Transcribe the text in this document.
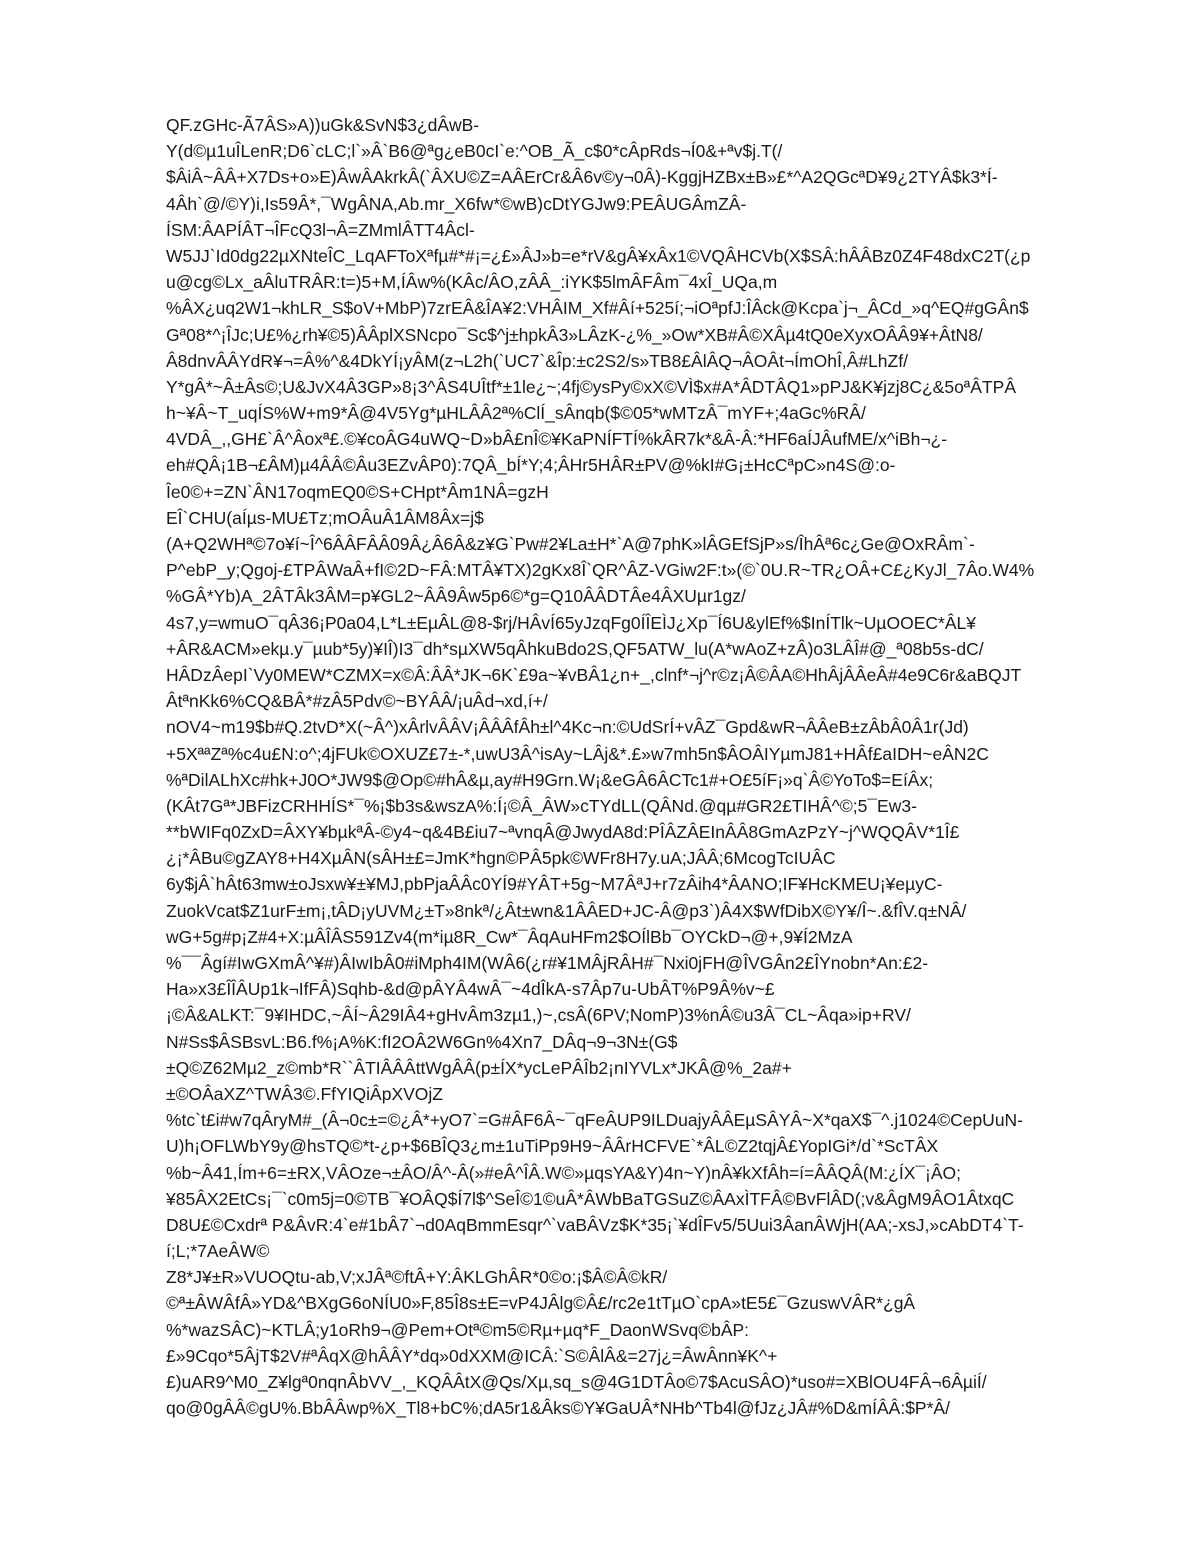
QF.zGHc-Ã7ÂS»A))uGk&SvN$3¿dÂwB-
Y(d©µ1uÎLenR;D6`cLC;l`»Â`B6@ªg¿eB0cI`e:^OB_Ã_c$0*cÂpRds¬Í0&+ªv$j.T(/
$ÂiÂ~ÂÂ+X7Ds+o»E)ÂwÂAkrkÂ(`ÂXU©Z=AÂErCr&Â6v©y¬0Â)-KggjHZBx±B»£*^A2QGcªD¥9¿2TYÂ$k3*Í-
4Âh`@/©Y)i,Is59Â*,¯WgÂNA,Ab.mr_X6fw*©wB)cDtYGJw9:PEÂUGÂmZÂ-
ÍSM:ÂAPÍÂT¬ÎFcQ3l¬Â=ZMmlÂTT4Âcl-
W5JJ`Id0dg22µXNteÎC_LqAFToXªfµ#*#¡=¿£»ÂJ»b=e*rV&gÂ¥xÂx1©VQÂHCVb(X$SÂ:hÂÂBz0Z4F48dxC2T(¿p
u@cg©Lx_aÂluTRÂR:t=)5+M,ÍÂw%(KÂc/ÂO,zÂÂ_:iYK$5lmÂFÂm¯4xÎ_UQa,m
%ÂX¿uq2W1¬khLR_S$oV+MbP)7zrEÂ&ÎA¥2:VHÂIM_Xf#Âí+525í;¬iOªpfJ:ÎÂck@Kcpa`j¬_ÂCd_»q^EQ#gGÂn$
Gª08*^¡ÎJc;U£%¿rh¥©5)ÂÂplXSNcpo¯Sc$^j±hpkÂ3»LÂzK-¿%_»Ow*XB#Â©XÂµ4tQ0eXyxOÂÂ9¥+ÂtN8/
Â8dnvÂÂYdR¥¬=Â%^&4DkYÍ¡yÂM(z¬L2h(`UC7`&Îp:±c2S2/s»TB8£ÂlÂQ¬ÂOÂt¬ÍmOhÎ,Â#LhZf/
Y*gÂ*~Â±Âs©;U&JvX4Â3GP»8¡3^ÂS4UÎtf*±1le¿~;4fj©ysPy©xX©VÌ$x#A*ÂDTÂQ1»pPJ&K¥jzj8C¿&5oªÂTPÂ
h~¥Â~T_uqÍS%W+m9*Â@4V5Yg*µHLÂÂ2ª%ClÍ_sÂnqb($©05*wMTzÂ¯mYF+;4aGc%RÂ/
4VDÂ_,,GH£`Â^Âoxª£.©¥coÂG4uWQ~D»bÂ£nÎ©¥KaPNÍFTÍ%kÂR7k*&Â-Â:*HF6aÍJÂufME/x^iBh¬¿-
eh#QÂ¡1B¬£ÂM)µ4ÂÂ©Âu3EZvÂP0):7QÂ_bÍ*Y;4;ÂHr5HÂR±PV@%kI#G¡±HcCªpC»n4S@:o-
Îe0©+=ZN`ÂN17oqmEQ0©S+CHpt*Âm1NÂ=gzH
EÎ`CHU(aÍµs-MU£Tz;mOÂuÂ1ÂM8Âx=j$
(A+Q2WHª©7o¥í~Î^6ÂÂFÂÂ09Â¿Â6Â&z¥G`Pw#2¥La±H*`A@7phK»lÂGEfSjP»s/ÎhÂª6c¿Ge@OxRÂm`-
P^ebP_y;Qgoj-£TPÂWaÂ+fI©2D~FÂ:MTÂ¥TX)2gKx8Î`QR^ÂZ-VGiw2F:t»(©`0U.R~TR¿OÂ+C£¿KyJl_7Âo.W4%
%GÂ*Yb)A_2ÂTÂk3ÂM=p¥GL2~ÂÂ9Âw5p6©*g=Q10ÂÂDTÂe4ÂXUµr1gz/
4s7,y=wmuO¯qÂ36¡P0a04,L*L±EµÂL@8-$rj/HÂvÍ65yJzqFg0ÍÎEÌJ¿Xp¯Í6U&ylEf%$InÍTlk~UµOOEC*ÂL¥
+ÂR&ACM»ekµ.y¯µub*5y)¥IÎ)I3¯dh*sµXW5qÂhkuBdo2S,QF5ATW_lu(A*wAoZ+zÂ)o3LÂÎ#@_ª08b5s-dC/
HÂDzÂepI`Vy0MEW*CZMX=x©Â:ÂÂ*JK¬6K`£9a~¥vBÂ1¿n+_,clnf*¬j^r©z¡Â©ÂA©HhÂjÂÂeÂ#4e9C6r&aBQJT
ÂtªnKk6%CQ&BÂ*#zÂ5Pdv©~BYÂÂ/¡uÂd¬xd,í+/
nOV4~m19$b#Q.2tvD*X(~Â^)xÂrlvÂÂV¡ÂÂÂfÂh±l^4Kc¬n:©UdSrÍ+vÂZ¯Gpd&wR¬ÂÂeB±zÂbÂ0Â1r(Jd)
+5XªªZª%c4u£N:o^;4jFUk©OXUZ£7±-*,uwU3Â^isAy~LÂj&*.£»w7mh5n$ÂOÂIYµmJ81+HÂf£aIDH~eÂN2C
%ªDilALhXc#hk+J0O*JW9$@Op©#hÂ&µ,ay#H9Grn.W¡&eGÂ6ÂCTc1#+O£5íF¡»q`Â©YoTo$=EíÂx;
(KÂt7Gª*JBFizCRHHÍS*¯%¡$b3s&wszA%:Í¡©Â_ÂW»cTYdLL(QÂNd.@qµ#GR2£TIHÂ^©;5¯Ew3-
**bWIFq0ZxD=ÂXY¥bµkªÂ-©y4~q&4B£iu7~ªvnqÂ@JwydA8d:PÎÂZÂEInÂÂ8GmAzPzY~j^WQQÂV*1Î£
¿¡*ÂBu©gZAY8+H4XµÂN(sÂH±£=JmK*hgn©PÂ5pk©WFr8H7y.uA;JÂÂ;6McogTcIUÂC
6y$jÂ`hÂt63mw±oJsxw¥±¥MJ,pbPjaÂÂc0YÍ9#YÂT+5g~M7ÂªJ+r7zÂih4*ÂANO;IF¥HcKMEU¡¥eµyC-
ZuokVcat$Z1urF±m¡,tÂD¡yUVM¿±T»8nkª/¿Ât±wn&1ÂÂED+JC-Â@p3`)Â4X$WfDibX©Y¥/Î~.&fÎV.q±NÂ/
wG+5g#p¡Z#4+X:µÂÎÂS591Zv4(m*iµ8R_Cw*¯ÂqAuHFm2$OÍlBb¯OYCkD¬@+,9¥Í2MzA
%¯¯Âgí#IwGXmÂ^¥#)ÂIwIbÂ0#iMph4IM(WÂ6(¿r#¥1MÂjRÂH#¯Nxi0jFH@ÎVGÂn2£ÎYnobn*An:£2-
Ha»x3£ÎÎÂUp1k¬IfFÂ)Sqhb-&d@pÂYÂ4wÂ¯~4dÎkA-s7Âp7u-UbÂT%P9Â%v~£
¡©Â&ALKT:¯9¥IHDC,~ÂÍ~Â29IÂ4+gHvÂm3zµ1,)~,csÂ(6PV;NomP)3%nÂ©u3Â¯CL~Âqa»ip+RV/
N#Ss$ÂSBsvL:B6.f%¡A%K:fI2OÂ2W6Gn%4Xn7_DÂq¬9¬3N±(G$
±Q©Z62Mµ2_z©mb*R``ÂTIÂÂÂttWgÂÂ(p±ÍX*ycLePÂÎb2¡nIYVLx*JKÂ@%_2a#+
±©OÂaXZ^TWÂ3©.FfYIQiÂpXVOjZ
%tc`t£i#w7qÂryM#_(Â¬0c±=©¿Â*+yO7`=G#ÂF6Â~¯qFeÂUP9ILDuajyÂÂEµSÂYÂ~X*qaX$¯^.j1024©CepUuN-
U)h¡OFLWbY9y@hsTQ©*t-¿p+$6BÎQ3¿m±1uTiPp9H9~ÂÂrHCFVE`*ÂL©Z2tqjÂ£YopIGi*/d`*ScTÂX
%b~Â41,Ím+6=±RX,VÂOze¬±ÂO/Â^-Â(»#eÂ^ÎÂ.W©»µqsYA&Y)4n~Y)nÂ¥kXfÂh=í=ÂÂQÂ(M:¿ÍX¯¡ÂO;
¥85ÂX2EtCs¡¯`c0m5j=0©TB¯¥OÂQ$Í7l$^SeÎ©1©uÂ*ÂWbBaTGSuZ©ÂAxÌTFÂ©BvFlÂD(;v&ÂgM9ÂO1ÂtxqC
D8U£©Cxdrª P&ÂvR:4`e#1bÂ7`¬d0AqBmmEsqr^`vaBÂVz$K*35¡`¥dÎFv5/5Uui3ÂanÂWjH(AA;-xsJ,»cAbDT4`T-
í;L;*7AeÂW©
Z8*J¥±R»VUOQtu-ab,V;xJÂª©ftÂ+Y:ÂKLGhÂR*0©o:¡$Â©Â©kR/
©ª±ÂWÂfÂ»YD&^BXgG6oNÍU0»F,85Î8s±E=vP4JÂlg©Â£/rc2e1tTµO`cpA»tE5£¯GzuswVÂR*¿gÂ
%*wazSÂC)~KTLÂ;y1oRh9¬@Pem+Otª©m5©Rµ+µq*F_DaonWSvq©bÂP:
£»9Cqo*5ÂjT$2V#ªÂqX@hÂÂY*dq»0dXXM@ICÂ:`S©ÂlÂ&=27j¿=ÂwÂnn¥K^+
£)uAR9^M0_Z¥lgª0nqnÂbVV_,_KQÂÂtX@Qs/Xµ,sq_s@4G1DTÂo©7$AcuSÂO)*uso#=XBlOU4FÂ¬6ÂµiÍ/
qo@0gÂÂ©gU%.BbÂÂwp%X_Tl8+bC%;dA5r1&Âks©Y¥GaUÂ*NHb^Tb4l@fJz¿JÂ#%D&mÍÂÂ:$P*Â/
